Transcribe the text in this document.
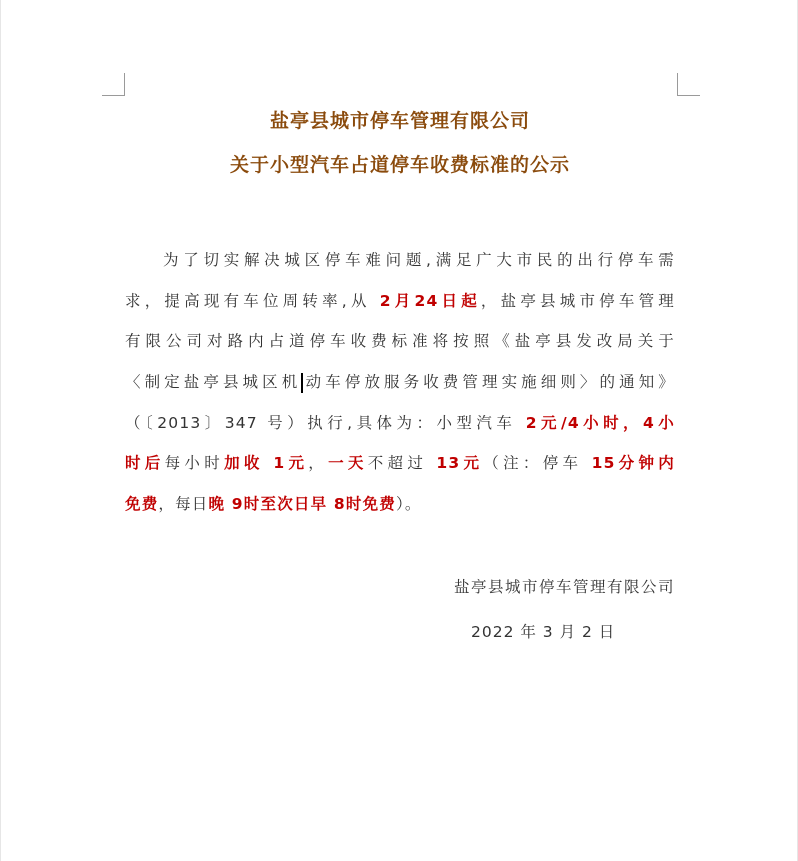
盐亭县城市停车管理有限公司
关于小型汽车占道停车收费标准的公示
为了切实解决城区停车难问题,满足广大市民的出行停车需
求，提高现有车位周转率,从 2月24日起，盐亭县城市停车管理
有限公司对路内占道停车收费标准将按照《盐亭县发改局关于
〈制定盐亭县城区机动车停放服务收费管理实施细则〉的通知》
（〔2013〕347 号）执行,具体为：小型汽车 2元/4小时，4小
时后每小时加收 1元，一天不超过 13元（注：停车 15分钟内
免费，每日晚 9时至次日早 8时免费）。
盐亭县城市停车管理有限公司
2022 年 3 月 2 日
